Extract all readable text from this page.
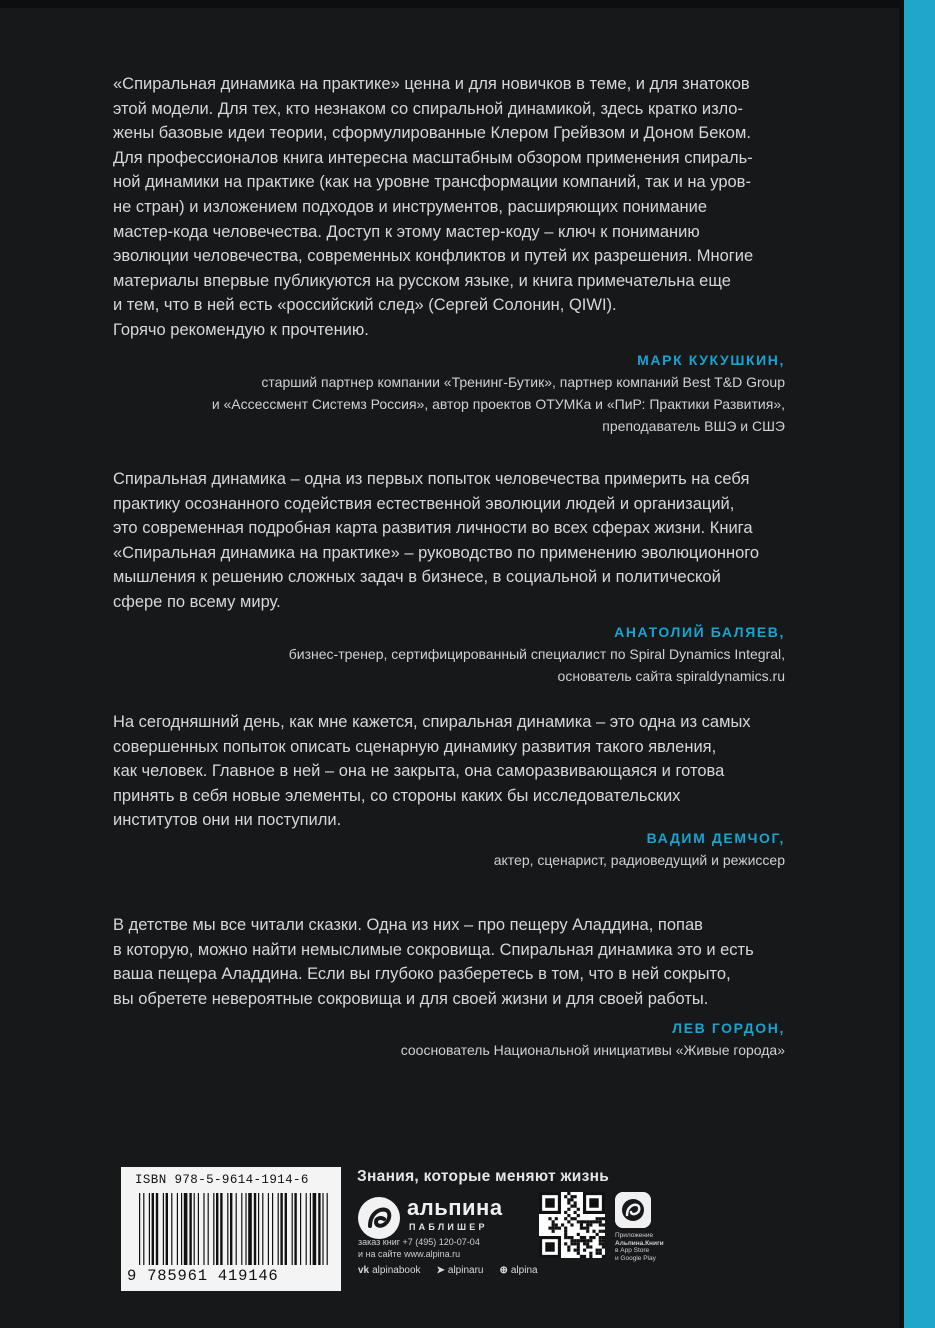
«Спиральная динамика на практике» ценна и для новичков в теме, и для знатоков

этой модели. Для тех, кто незнаком со спиральной динамикой, здесь кратко изло-

жены базовые идеи теории, сформулированные Клером Грейвзом и Доном Беком.

Для профессионалов книга интересна масштабным обзором применения спираль-

ной динамики на практике (как на уровне трансформации компаний, так и на уров-

не стран) и изложением подходов и инструментов, расширяющих понимание

мастер-кода человечества. Доступ к этому мастер-коду – ключ к пониманию

эволюции человечества, современных конфликтов и путей их разрешения. Многие

материалы впервые публикуются на русском языке, и книга примечательна еще

и тем, что в ней есть «российский след» (Сергей Солонин, QIWI).

Горячо рекомендую к прочтению.

МАРК КУКУШКИН,
старший партнер компании «Тренинг-Бутик», партнер компаний Best T&D Group
и «Ассессмент Системз Россия», автор проектов ОТУМКа и «ПиР: Практики Развития»,
преподаватель ВШЭ и СШЭ

Спиральная динамика – одна из первых попыток человечества примерить на себя

практику осознанного содействия естественной эволюции людей и организаций,

это современная подробная карта развития личности во всех сферах жизни. Книга

«Спиральная динамика на практике» – руководство по применению эволюционного

мышления к решению сложных задач в бизнесе, в социальной и политической

сфере по всему миру.

АНАТОЛИЙ БАЛЯЕВ,
бизнес-тренер, сертифицированный специалист по Spiral Dynamics Integral,
основатель сайта spiraldynamics.ru

На сегодняшний день, как мне кажется, спиральная динамика – это одна из самых

совершенных попыток описать сценарную динамику развития такого явления,

как человек. Главное в ней – она не закрыта, она саморазвивающаяся и готова

принять в себя новые элементы, со стороны каких бы исследовательских

институтов они ни поступили.

ВАДИМ ДЕМЧОГ,
актер, сценарист, радиоведущий и режиссер

В детстве мы все читали сказки. Одна из них – про пещеру Аладдина, попав

в которую, можно найти немыслимые сокровища. Спиральная динамика это и есть

ваша пещера Аладдина. Если вы глубоко разберетесь в том, что в ней сокрыто,

вы обретете невероятные сокровища и для своей жизни и для своей работы.

ЛЕВ ГОРДОН,
сооснователь Национальной инициативы «Живые города»
ISBN 978-5-9614-1914-6
9 785961 419146
Знания, которые меняют жизнь
альпина
ПАБЛИШЕР
заказ книг +7 (495) 120-07-04
и на сайте www.alpina.ru
vk alpinabook ➤ alpinaru ⊕ alpina
Приложение
Альпина.Книги
в App Store
и Google Play
